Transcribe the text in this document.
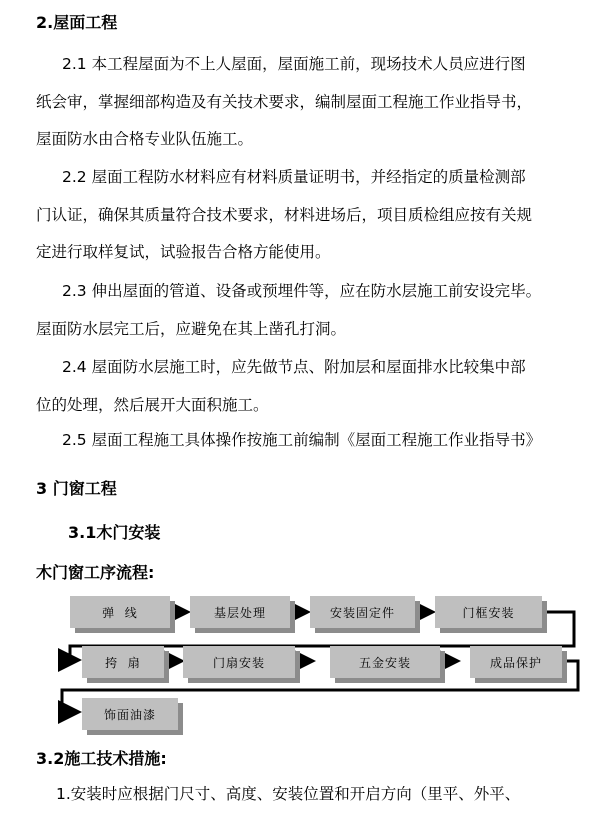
2.屋面工程
2.1 本工程屋面为不上人屋面，屋面施工前，现场技术人员应进行图
纸会审，掌握细部构造及有关技术要求，编制屋面工程施工作业指导书，
屋面防水由合格专业队伍施工。
2.2 屋面工程防水材料应有材料质量证明书，并经指定的质量检测部
门认证，确保其质量符合技术要求，材料进场后，项目质检组应按有关规
定进行取样复试，试验报告合格方能使用。
2.3 伸出屋面的管道、设备或预埋件等，应在防水层施工前安设完毕。
屋面防水层完工后，应避免在其上凿孔打洞。
2.4 屋面防水层施工时，应先做节点、附加层和屋面排水比较集中部
位的处理，然后展开大面积施工。
2.5 屋面工程施工具体操作按施工前编制《屋面工程施工作业指导书》
3 门窗工程
3.1木门安装
木门窗工序流程:
弹  线	基层处理	安装固定件	门框安装
挎  扇	门扇安装	五金安装	成品保护
饰面油漆
3.2施工技术措施:
1.安装时应根据门尺寸、高度、安装位置和开启方向（里平、外平、
